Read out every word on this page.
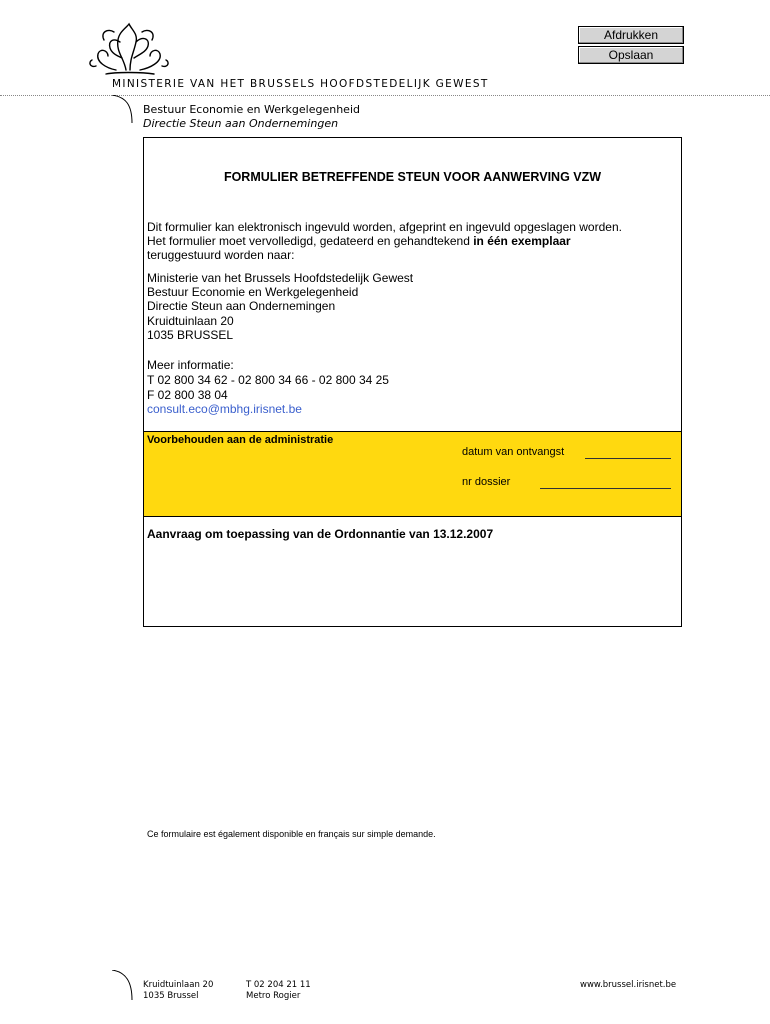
MINISTERIE VAN HET BRUSSELS HOOFDSTEDELIJK GEWEST
Bestuur Economie en Werkgelegenheid
Directie Steun aan Ondernemingen
Afdrukken
Opslaan
FORMULIER BETREFFENDE STEUN VOOR AANWERVING VZW
Dit formulier kan elektronisch ingevuld worden, afgeprint en ingevuld opgeslagen worden.
Het formulier moet vervolledigd, gedateerd en gehandtekend in één exemplaar
teruggestuurd worden naar:
Ministerie van het Brussels Hoofdstedelijk Gewest
Bestuur Economie en Werkgelegenheid
Directie Steun aan Ondernemingen
Kruidtuinlaan 20
1035 BRUSSEL
Meer informatie:
T 02 800 34 62 - 02 800 34 66 - 02 800 34 25
F 02 800 38 04
consult.eco@mbhg.irisnet.be
Voorbehouden aan de administratie
datum van ontvangst
nr dossier
Aanvraag om toepassing van de Ordonnantie van 13.12.2007
Ce formulaire est également disponible en français sur simple demande.
Kruidtuinlaan 20
1035 Brussel
T 02 204 21 11
Metro Rogier
www.brussel.irisnet.be
